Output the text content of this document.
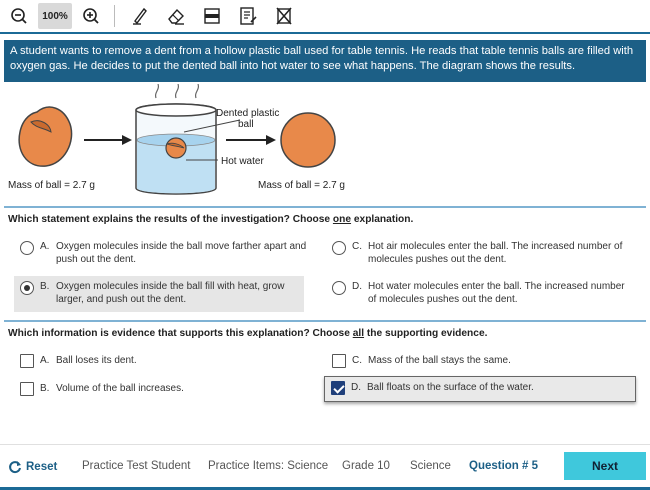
100%
A student wants to remove a dent from a hollow plastic ball used for table tennis. He reads that table tennis balls are filled with oxygen gas. He decides to put the dented ball into hot water to see what happens. The diagram shows the results.
Dented plastic
ball
Hot water
Mass of ball = 2.7 g	Mass of ball = 2.7 g
Which statement explains the results of the investigation? Choose one explanation.
A. Oxygen molecules inside the ball move farther apart and push out the dent.
B. Oxygen molecules inside the ball fill with heat, grow larger, and push out the dent.
C. Hot air molecules enter the ball. The increased number of molecules pushes out the dent.
D. Hot water molecules enter the ball. The increased number of molecules pushes out the dent.
Which information is evidence that supports this explanation? Choose all the supporting evidence.
A. Ball loses its dent.
B. Volume of the ball increases.
C. Mass of the ball stays the same.
D. Ball floats on the surface of the water.
Reset Practice Test Student Practice Items: Science Grade 10 Science Question # 5	Next
